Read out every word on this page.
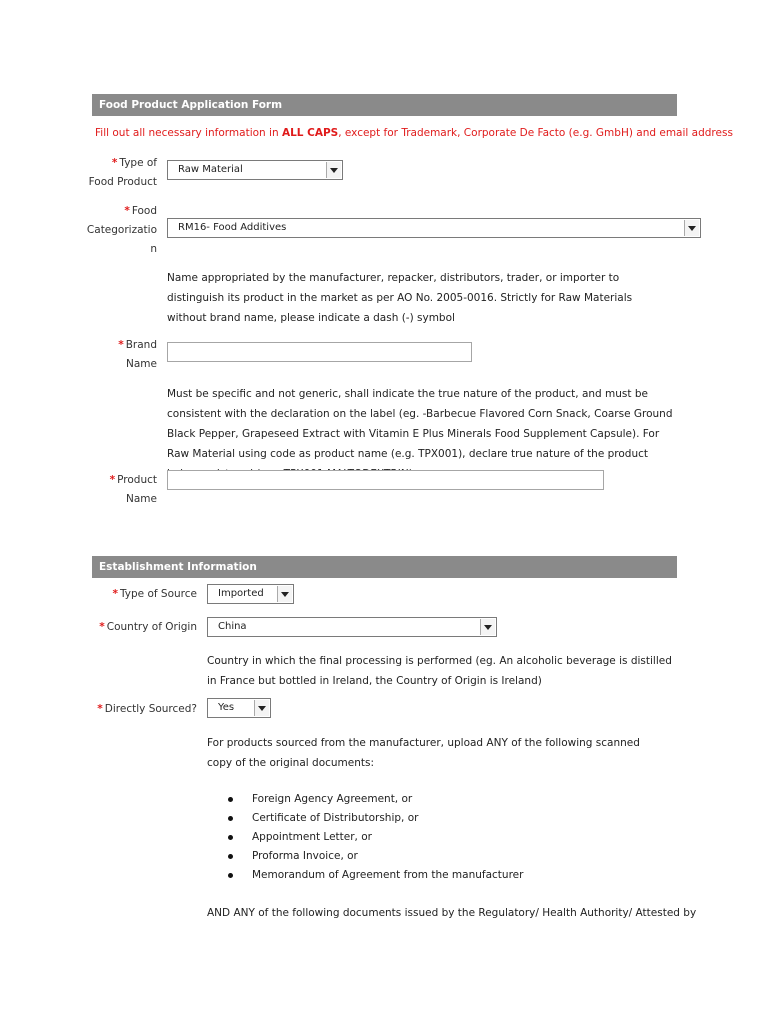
Food Product Application Form
Fill out all necessary information in ALL CAPS, except for Trademark, Corporate De Facto (e.g. GmbH) and email address
* Type of
Food Product
Raw Material
* Food
Categorizatio
n
RM16- Food Additives
Name appropriated by the manufacturer, repacker, distributors, trader, or importer to distinguish its product in the market as per AO No. 2005-0016. Strictly for Raw Materials without brand name, please indicate a dash (-) symbol
* Brand
Name
Must be specific and not generic, shall indicate the true nature of the product, and must be consistent with the declaration on the label (eg. -Barbecue Flavored Corn Snack, Coarse Ground Black Pepper, Grapeseed Extract with Vitamin E Plus Minerals Food Supplement Capsule). For Raw Material using code as product name (e.g. TPX001), declare true nature of the product
* Product
Name
Establishment Information
* Type of Source	Imported
* Country of Origin	China
Country in which the final processing is performed (eg. An alcoholic beverage is distilled in France but bottled in Ireland, the Country of Origin is Ireland)
* Directly Sourced?	Yes
For products sourced from the manufacturer, upload ANY of the following scanned copy of the original documents:
Foreign Agency Agreement, or
Certificate of Distributorship, or
Appointment Letter, or
Proforma Invoice, or
Memorandum of Agreement from the manufacturer
AND ANY of the following documents issued by the Regulatory/ Health Authority/ Attested by
